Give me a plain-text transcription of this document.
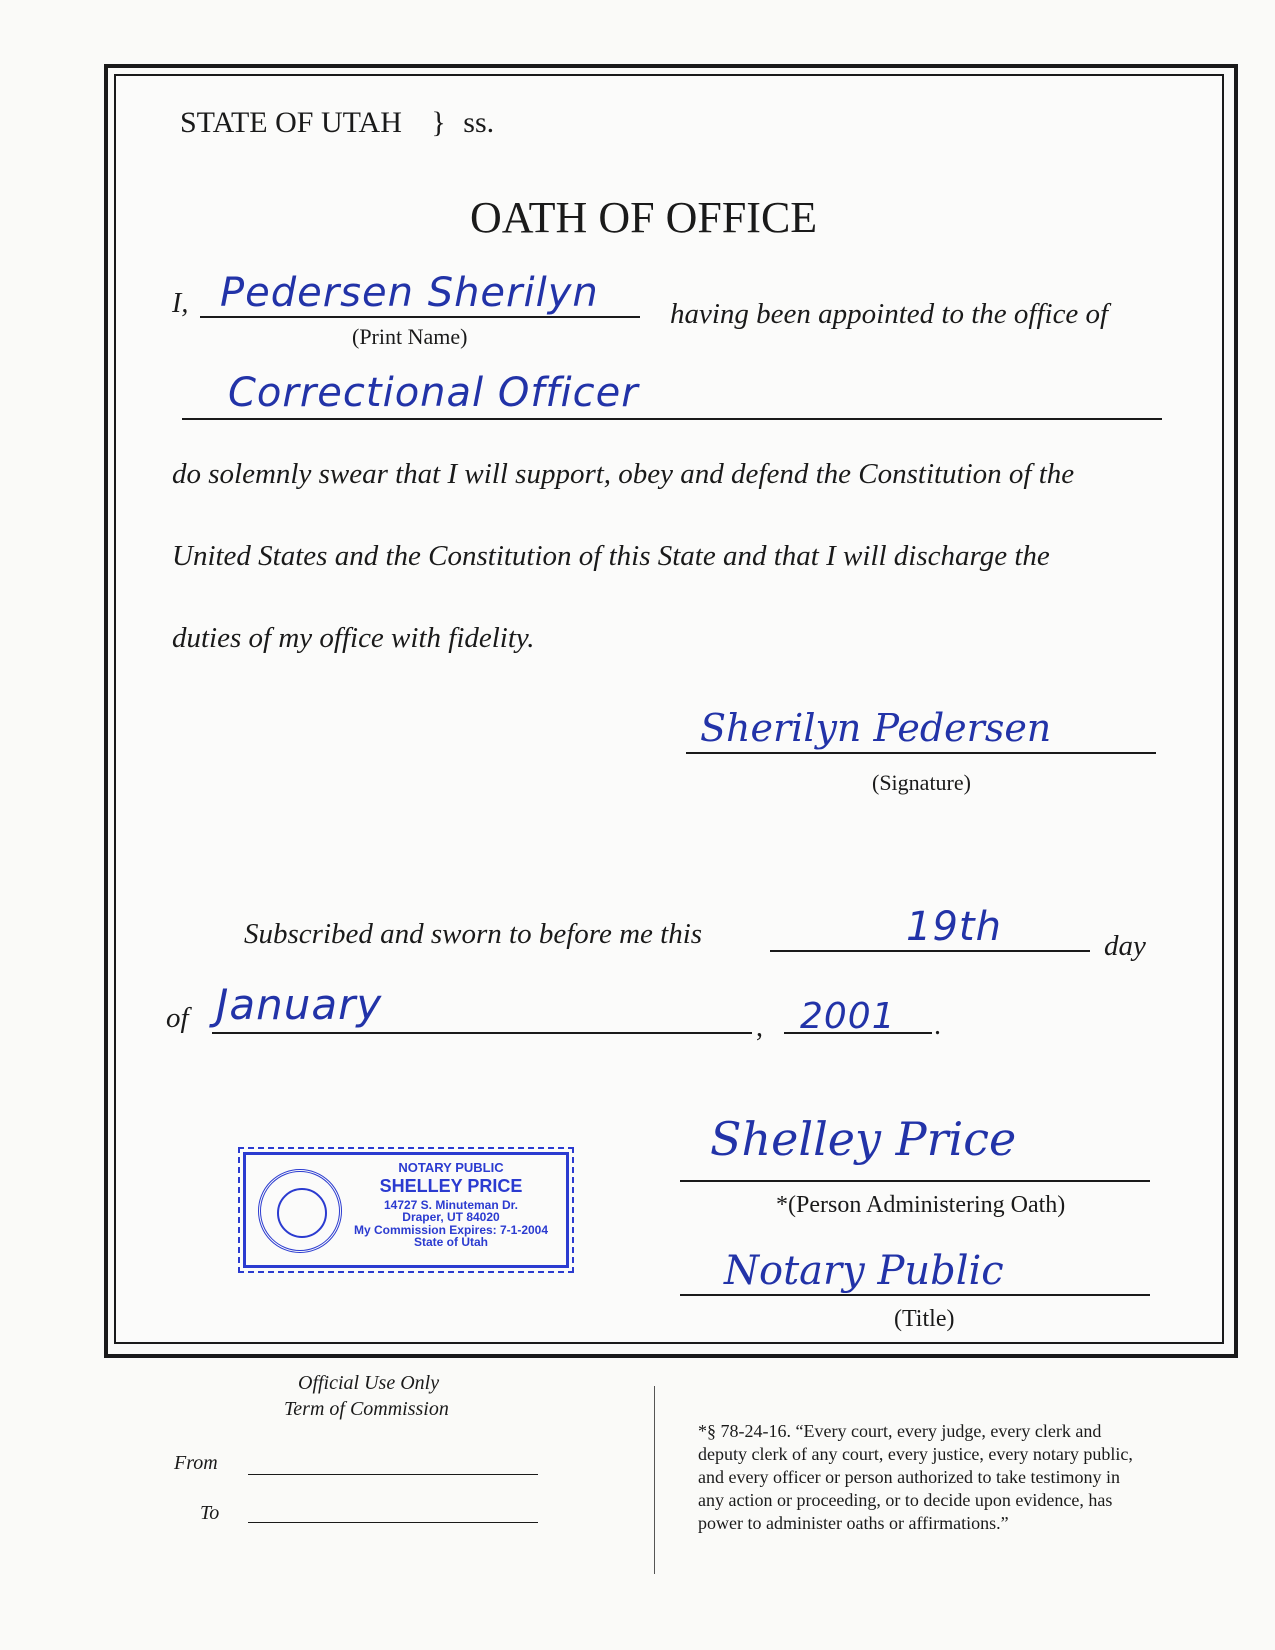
STATE OF UTAH } ss.
OATH OF OFFICE
I, Pedersen Sherilyn
(Print Name)
having been appointed to the office of
Correctional Officer
do solemnly swear that I will support, obey and defend the Constitution of the
United States and the Constitution of this State and that I will discharge the
duties of my office with fidelity.
Sherilyn Pedersen
(Signature)
Subscribed and sworn to before me this	19th	day
of January	, 2001 .
NOTARY PUBLIC
SHELLEY PRICE
14727 S. Minuteman Dr.
Draper, UT 84020
My Commission Expires: 7-1-2004
State of Utah
Shelley Price
*(Person Administering Oath)
Notary Public
(Title)
Official Use Only
Term of Commission
From
To
*§ 78-24-16. “Every court, every judge, every clerk and
deputy clerk of any court, every justice, every notary public,
and every officer or person authorized to take testimony in
any action or proceeding, or to decide upon evidence, has
power to administer oaths or affirmations.”
